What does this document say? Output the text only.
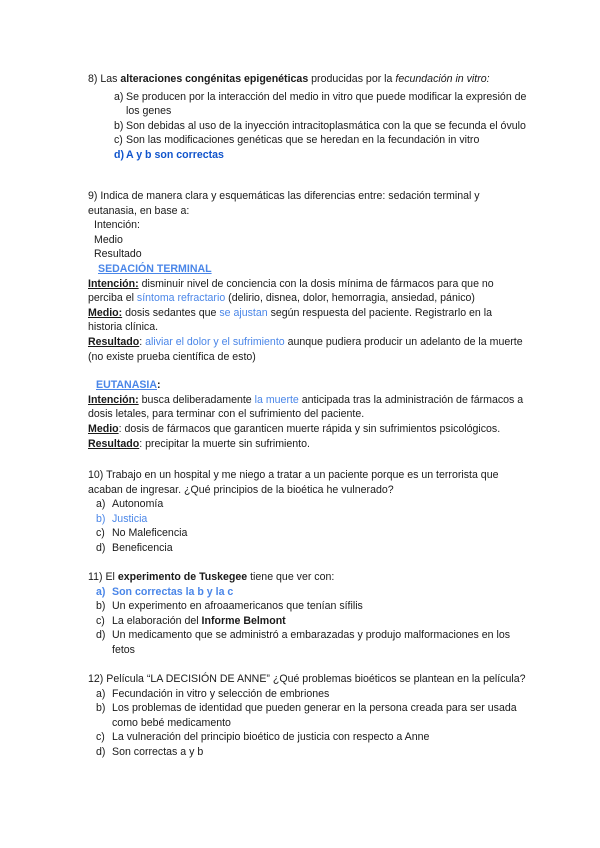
8) Las alteraciones congénitas epigenéticas producidas por la fecundación in vitro:
a) Se producen por la interacción del medio in vitro que puede modificar la expresión de los genes
b) Son debidas al uso de la inyección intracitoplasmática con la que se fecunda el óvulo
c) Son las modificaciones genéticas que se heredan en la fecundación in vitro
d) A y b son correctas
9) Indica de manera clara y esquemáticas las diferencias entre: sedación terminal y eutanasia, en base a:
Intención:
Medio
Resultado
SEDACIÓN TERMINAL
Intención: disminuir nivel de conciencia con la dosis mínima de fármacos para que no perciba el síntoma refractario (delirio, disnea, dolor, hemorragia, ansiedad, pánico)
Medio: dosis sedantes que se ajustan según respuesta del paciente. Registrarlo en la historia clínica.
Resultado: aliviar el dolor y el sufrimiento aunque pudiera producir un adelanto de la muerte (no existe prueba científica de esto)
EUTANASIA:
Intención: busca deliberadamente la muerte anticipada tras la administración de fármacos a dosis letales, para terminar con el sufrimiento del paciente.
Medio: dosis de fármacos que garanticen muerte rápida y sin sufrimientos psicológicos.
Resultado: precipitar la muerte sin sufrimiento.
10) Trabajo en un hospital y me niego a tratar a un paciente porque es un terrorista que acaban de ingresar. ¿Qué principios de la bioética he vulnerado?
a) Autonomía
b) Justicia
c) No Maleficencia
d) Beneficencia
11) El experimento de Tuskegee tiene que ver con:
a) Son correctas la b y la c
b) Un experimento en afroaamericanos que tenían sífilis
c) La elaboración del Informe Belmont
d) Un medicamento que se administró a embarazadas y produjo malformaciones en los fetos
12) Película “LA DECISIÓN DE ANNE” ¿Qué problemas bioéticos se plantean en la película?
a) Fecundación in vitro y selección de embriones
b) Los problemas de identidad que pueden generar en la persona creada para ser usada como bebé medicamento
c) La vulneración del principio bioético de justicia con respecto a Anne
d) Son correctas a y b
